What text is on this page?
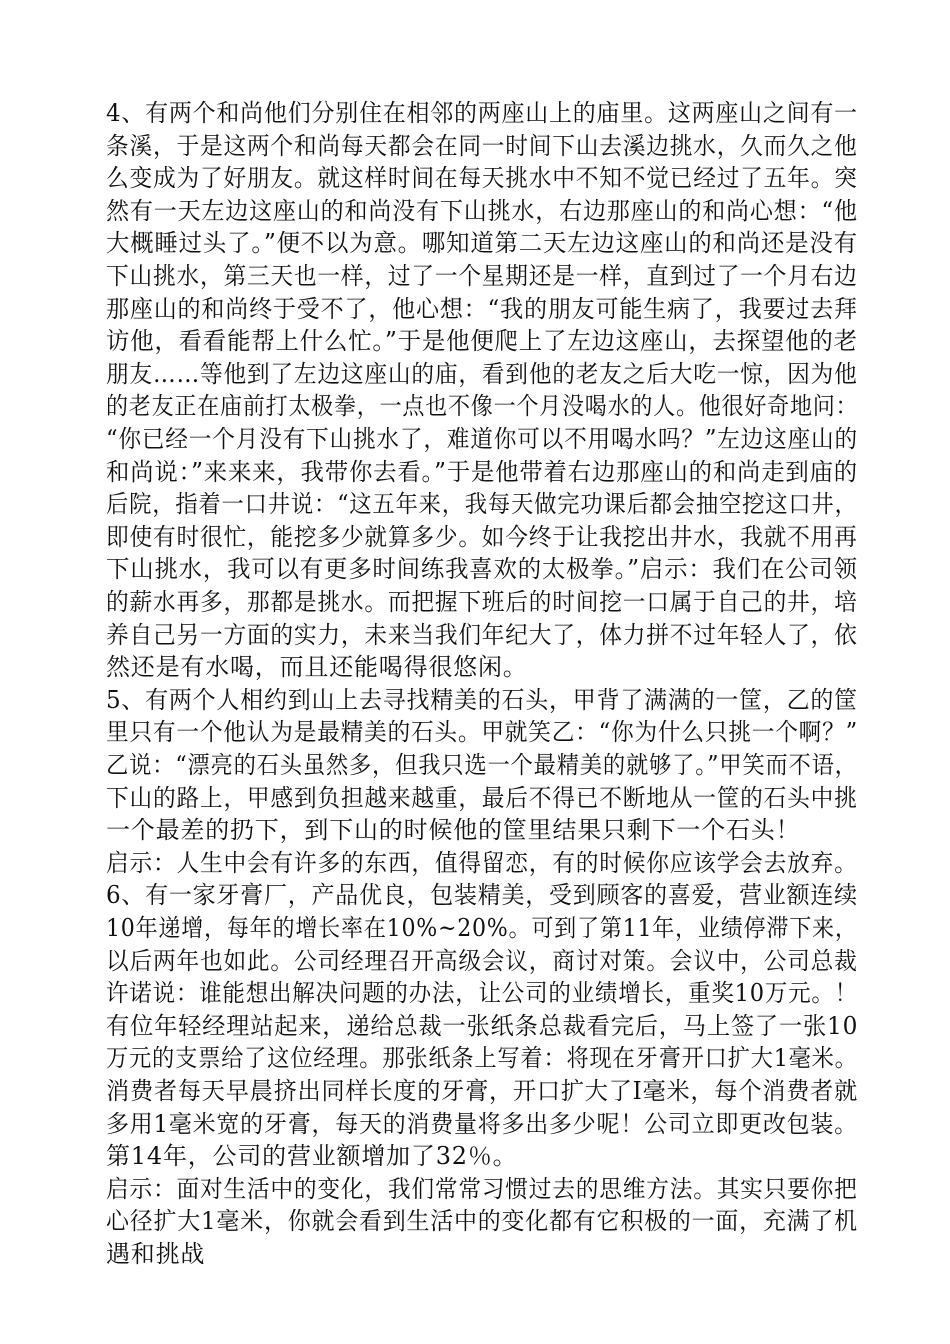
4、有两个和尚他们分别住在相邻的两座山上的庙里。这两座山之间有一
条溪，于是这两个和尚每天都会在同一时间下山去溪边挑水，久而久之他
么变成为了好朋友。就这样时间在每天挑水中不知不觉已经过了五年。突
然有一天左边这座山的和尚没有下山挑水，右边那座山的和尚心想：“他
大概睡过头了。”便不以为意。哪知道第二天左边这座山的和尚还是没有
下山挑水，第三天也一样，过了一个星期还是一样，直到过了一个月右边
那座山的和尚终于受不了，他心想：“我的朋友可能生病了，我要过去拜
访他，看看能帮上什么忙。”于是他便爬上了左边这座山，去探望他的老
朋友……等他到了左边这座山的庙，看到他的老友之后大吃一惊，因为他
的老友正在庙前打太极拳，一点也不像一个月没喝水的人。他很好奇地问：
“你已经一个月没有下山挑水了，难道你可以不用喝水吗？”左边这座山的
和尚说：”来来来，我带你去看。”于是他带着右边那座山的和尚走到庙的
后院，指着一口井说：“这五年来，我每天做完功课后都会抽空挖这口井，
即使有时很忙，能挖多少就算多少。如今终于让我挖出井水，我就不用再
下山挑水，我可以有更多时间练我喜欢的太极拳。”启示：我们在公司领
的薪水再多，那都是挑水。而把握下班后的时间挖一口属于自己的井，培
养自己另一方面的实力，未来当我们年纪大了，体力拼不过年轻人了，依
然还是有水喝，而且还能喝得很悠闲。
5、有两个人相约到山上去寻找精美的石头，甲背了满满的一筐，乙的筐
里只有一个他认为是最精美的石头。甲就笑乙：“你为什么只挑一个啊？”
乙说：“漂亮的石头虽然多，但我只选一个最精美的就够了。”甲笑而不语，
下山的路上，甲感到负担越来越重，最后不得已不断地从一筐的石头中挑
一个最差的扔下，到下山的时候他的筐里结果只剩下一个石头！
启示：人生中会有许多的东西，值得留恋，有的时候你应该学会去放弃。
6、有一家牙膏厂，产品优良，包装精美，受到顾客的喜爱，营业额连续
10年递增，每年的增长率在10%~20%。可到了第11年，业绩停滞下来，
以后两年也如此。公司经理召开高级会议，商讨对策。会议中，公司总裁
许诺说：谁能想出解决问题的办法，让公司的业绩增长，重奖10万元。！
有位年轻经理站起来，递给总裁一张纸条总裁看完后，马上签了一张10
万元的支票给了这位经理。那张纸条上写着：将现在牙膏开口扩大1毫米。
消费者每天早晨挤出同样长度的牙膏，开口扩大了I毫米，每个消费者就
多用1毫米宽的牙膏，每天的消费量将多出多少呢！公司立即更改包装。
第14年，公司的营业额增加了32％。
启示：面对生活中的变化，我们常常习惯过去的思维方法。其实只要你把
心径扩大1毫米，你就会看到生活中的变化都有它积极的一面，充满了机
遇和挑战
